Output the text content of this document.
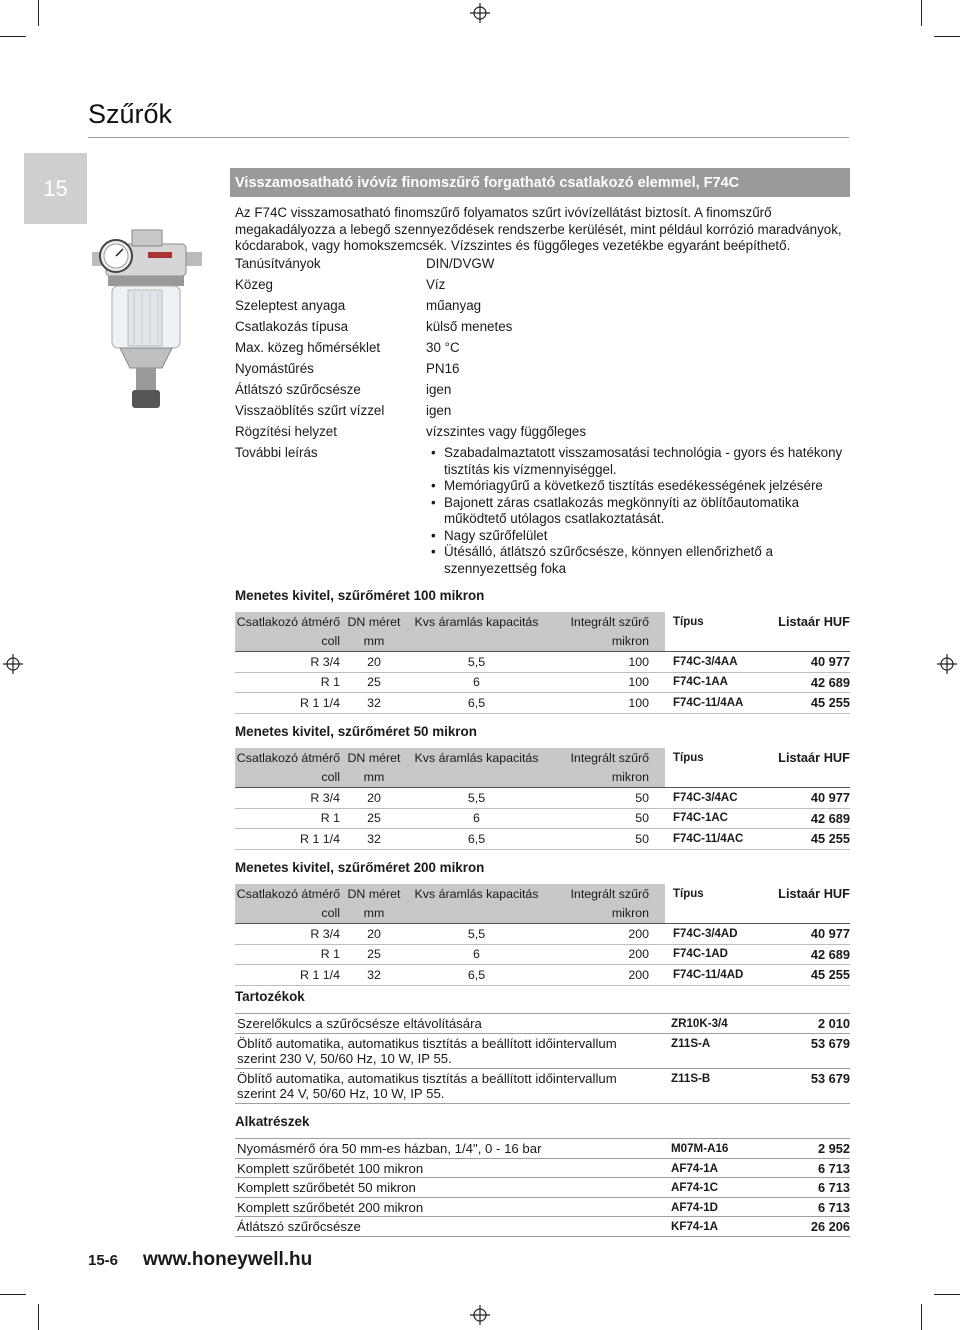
Szűrők
15	Visszamosatható ivóvíz finomszűrő forgatható csatlakozó elemmel, F74C
Az F74C visszamosatható finomszűrő folyamatos szűrt ivóvízellátást biztosít. A finomszűrő
megakadályozza a lebegő szennyeződések rendszerbe kerülését, mint például korrózió maradványok,
kócdarabok, vagy homokszemcsék. Vízszintes és függőleges vezetékbe egyaránt beépíthető.
Tanúsítványok	DIN/DVGW
Közeg	Víz
Szeleptest anyaga	műanyag
Csatlakozás típusa	külső menetes
Max. közeg hőmérséklet	30 °C
Nyomástűrés	PN16
Átlátszó szűrőcsésze	igen
Visszaöblítés szűrt vízzel	igen
Rögzítési helyzet	vízszintes vagy függőleges
További leírás	• Szabadalmaztatott visszamosatási technológia - gyors és hatékony tisztítás kis vízmennyiséggel.
• Memóriagyűrű a következő tisztítás esedékességének jelzésére
• Bajonett záras csatlakozás megkönnyíti az öblítőautomatika működtető utólagos csatlakoztatását.
• Nagy szűrőfelület
• Ütésálló, átlátszó szűrőcsésze, könnyen ellenőrizhető a szennyezettség foka
Menetes kivitel, szűrőméret 100 mikron
Csatlakozó átmérő	DN méret	Kvs áramlás kapacitás	Integrált szűrő	Típus	Listaár HUF
coll	mm		mikron		
R 3/4	20	5,5	100	F74C-3/4AA	40 977
R 1	25	6	100	F74C-1AA	42 689
R 1 1/4	32	6,5	100	F74C-11/4AA	45 255
Menetes kivitel, szűrőméret 50 mikron
Csatlakozó átmérő	DN méret	Kvs áramlás kapacitás	Integrált szűrő	Típus	Listaár HUF
coll	mm		mikron		
R 3/4	20	5,5	50	F74C-3/4AC	40 977
R 1	25	6	50	F74C-1AC	42 689
R 1 1/4	32	6,5	50	F74C-11/4AC	45 255
Menetes kivitel, szűrőméret 200 mikron
Csatlakozó átmérő	DN méret	Kvs áramlás kapacitás	Integrált szűrő	Típus	Listaár HUF
coll	mm		mikron		
R 3/4	20	5,5	200	F74C-3/4AD	40 977
R 1	25	6	200	F74C-1AD	42 689
R 1 1/4	32	6,5	200	F74C-11/4AD	45 255
Tartozékok
Szerelőkulcs a szűrőcsésze eltávolítására	ZR10K-3/4	2 010
Öblítő automatika, automatikus tisztítás a beállított időintervallum szerint 230 V, 50/60 Hz, 10 W, IP 55.	Z11S-A	53 679
Öblítő automatika, automatikus tisztítás a beállított időintervallum szerint 24 V, 50/60 Hz, 10 W, IP 55.	Z11S-B	53 679
Alkatrészek
Nyomásmérő óra 50 mm-es házban, 1/4", 0 - 16 bar	M07M-A16	2 952
Komplett szűrőbetét 100 mikron	AF74-1A	6 713
Komplett szűrőbetét 50 mikron	AF74-1C	6 713
Komplett szűrőbetét 200 mikron	AF74-1D	6 713
Átlátszó szűrőcsésze	KF74-1A	26 206
15-6 www.honeywell.hu
